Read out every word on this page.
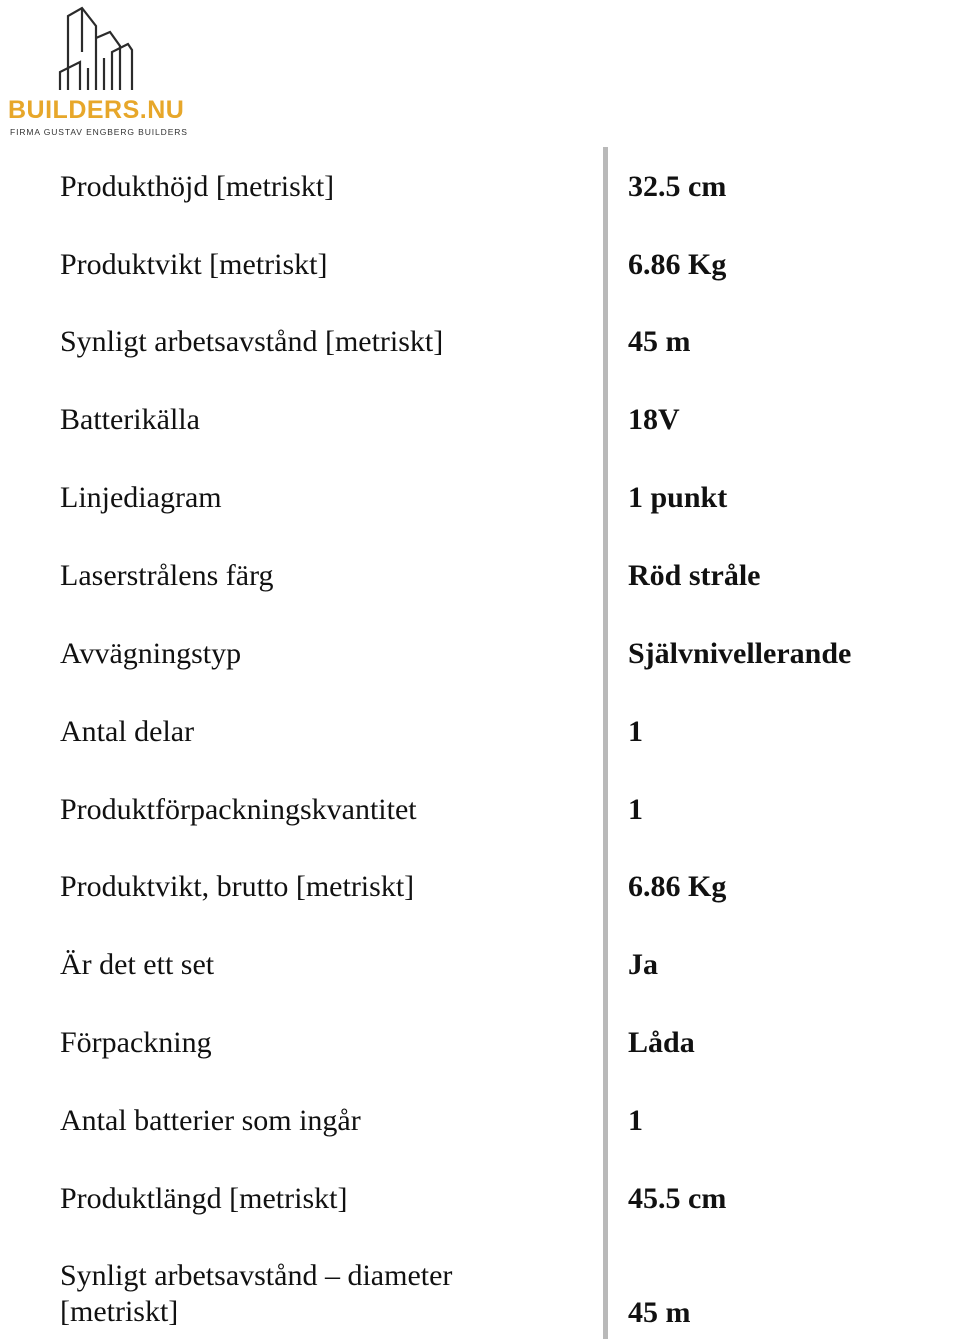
BUILDERS.NU
FIRMA GUSTAV ENGBERG BUILDERS
Produkthöjd [metriskt]	32.5 cm
Produktvikt [metriskt]	6.86 Kg
Synligt arbetsavstånd [metriskt]	45 m
Batterikälla	18V
Linjediagram	1 punkt
Laserstrålens färg	Röd stråle
Avvägningstyp	Självnivellerande
Antal delar	1
Produktförpackningskvantitet	1
Produktvikt, brutto [metriskt]	6.86 Kg
Är det ett set	Ja
Förpackning	Låda
Antal batterier som ingår	1
Produktlängd [metriskt]	45.5 cm
Synligt arbetsavstånd – diameter [metriskt]	45 m
